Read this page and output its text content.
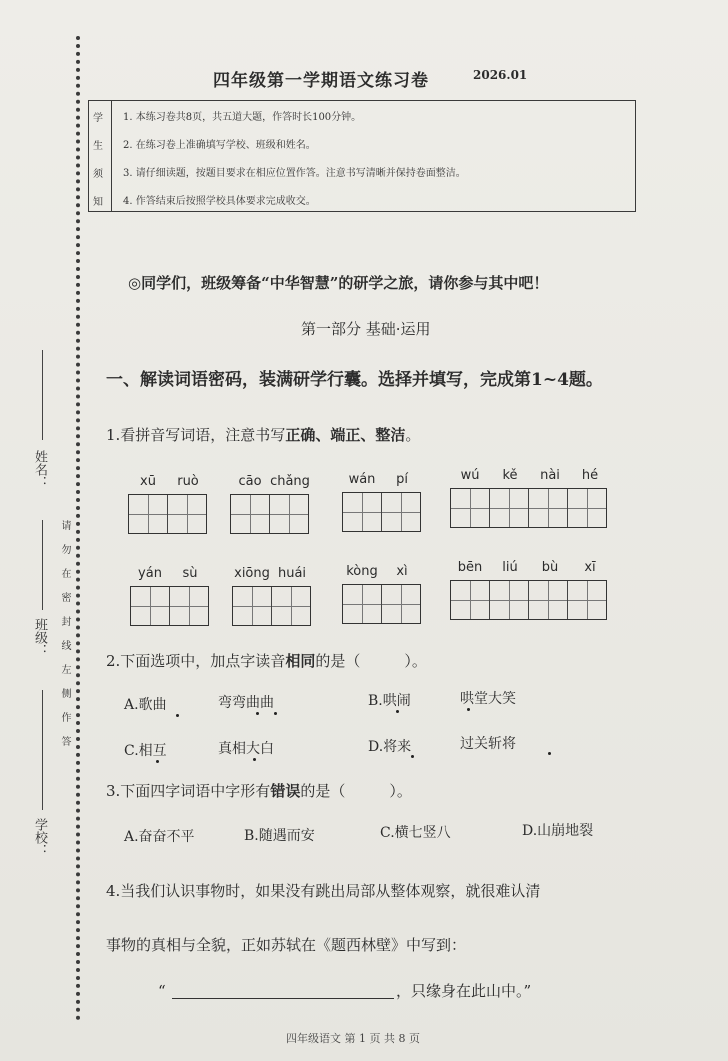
姓名：
班级：
学校：
请勿在密封线左侧作答
四年级第一学期语文练习卷	2026.01
学
生
须
知
1. 本练习卷共8页，共五道大题，作答时长100分钟。
2. 在练习卷上准确填写学校、班级和姓名。
3. 请仔细读题，按题目要求在相应位置作答。注意书写清晰并保持卷面整洁。
4. 作答结束后按照学校具体要求完成收交。
◎同学们，班级筹备“中华智慧”的研学之旅，请你参与其中吧！
第一部分 基础·运用
一、解读词语密码，装满研学行囊。选择并填写，完成第1~4题。
1.看拼音写词语，注意书写正确、端正、整洁。
xū	ruò	cāo chǎng	wán	pí	wú	kě	nài	hé
yán	sù	xiōng huái	kòng	xì	bēn	liú	bù	xī
2.下面选项中，加点字读音相同的是（	）。
A.歌曲	弯弯曲曲	B.哄闹	哄堂大笑
C.相互	真相大白	D.将来	过关斩将
3.下面四字词语中字形有错误的是（	）。
A.奋奋不平	B.随遇而安	C.横七竖八	D.山崩地裂
4.当我们认识事物时，如果没有跳出局部从整体观察，就很难认清
事物的真相与全貌，正如苏轼在《题西林壁》中写到：
“	，只缘身在此山中。”
四年级语文 第 1 页 共 8 页
